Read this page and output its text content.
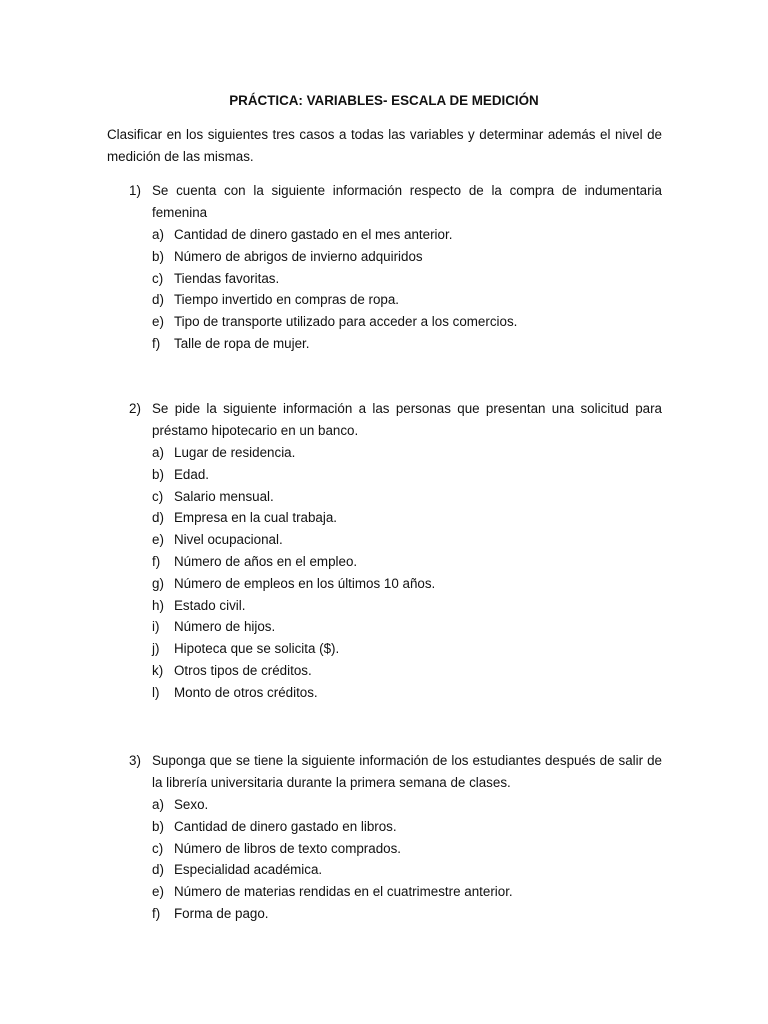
PRÁCTICA: VARIABLES- ESCALA DE MEDICIÓN
Clasificar en los siguientes tres casos a todas las variables y determinar además el nivel de medición de las mismas.
1) Se cuenta con la siguiente información respecto de la compra de indumentaria femenina
a) Cantidad de dinero gastado en el mes anterior.
b) Número de abrigos de invierno adquiridos
c) Tiendas favoritas.
d) Tiempo invertido en compras de ropa.
e) Tipo de transporte utilizado para acceder a los comercios.
f)	Talle de ropa de mujer.
2) Se pide la siguiente información a las personas que presentan una solicitud para préstamo hipotecario en un banco.
a) Lugar de residencia.
b) Edad.
c) Salario mensual.
d) Empresa en la cual trabaja.
e) Nivel ocupacional.
f)	Número de años en el empleo.
g) Número de empleos en los últimos 10 años.
h) Estado civil.
i)	Número de hijos.
j)	Hipoteca que se solicita ($).
k) Otros tipos de créditos.
l)	Monto de otros créditos.
3) Suponga que se tiene la siguiente información de los estudiantes después de salir de la librería universitaria durante la primera semana de clases.
a) Sexo.
b) Cantidad de dinero gastado en libros.
c) Número de libros de texto comprados.
d) Especialidad académica.
e) Número de materias rendidas en el cuatrimestre anterior.
f)	Forma de pago.
